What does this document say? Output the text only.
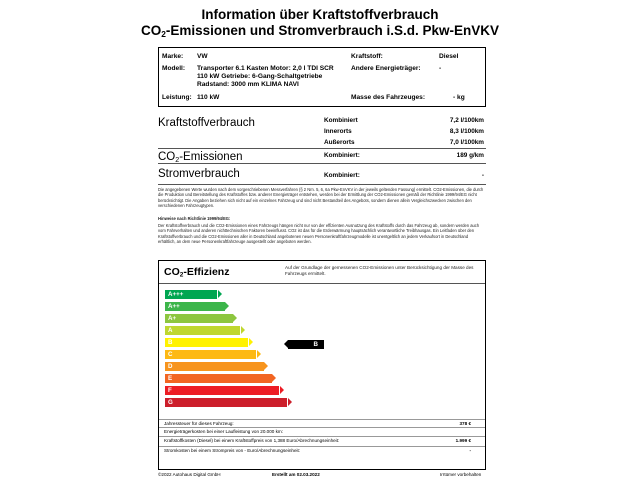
Information über Kraftstoffverbrauch
$CO_2$-Emissionen und Stromverbrauch i.S.d. Pkw-EnVKV
Marke: VW	Kraftstoff:	Diesel
Modell: Transporter 6.1 Kasten Motor: 2,0 l TDI SCR	Andere Energieträger:	-
110 kW Getriebe: 6-Gang-Schaltgetriebe
Radstand: 3000 mm KLIMA NAVI
Leistung: 110 kW	Masse des Fahrzeuges:	- kg
Kraftstoffverbrauch	Kombiniert	7,2 l/100km
Innerorts	8,3 l/100km
Außerorts	7,0 l/100km
$CO_2$-Emissionen	Kombiniert:	189 g/km
Stromverbrauch	Kombiniert:	-
Die angegebenen Werte wurden nach dem vorgeschriebenen Messverfahren (§ 2 Nrn. 5, 6, 6a Pkw-EnVKV in der jeweils geltenden Fassung) ermittelt. CO2-Emissionen, die durch die Produktion und Bereitstellung des Kraftstoffes bzw. anderer Energieträger entstehen, werden bei der Ermittlung der CO2-Emissionen gemäß der Richtlinie 1999/94/EG nicht berücksichtigt. Die Angaben beziehen sich nicht auf ein einzelnes Fahrzeug und sind nicht Bestandteil des Angebots, sondern dienen allein Vergleichszwecken zwischen den verschiedenen Fahrzeugtypen.
Hinweise nach Richtlinie 1999/94/EG:
Der Kraftstoffverbrauch und die CO2-Emissionen eines Fahrzeugs hängen nicht nur von der effizienten Ausnutzung des Kraftstoffs durch das Fahrzeug ab, sondern werden auch vom Fahrverhalten und anderen nichttechnischen Faktoren beeinflusst. CO2 ist das für die Erderwärmung hauptsächlich verantwortliche Treibhausgas. Ein Leitfaden über den Kraftstoffverbrauch und die CO2-Emissionen aller in Deutschland angebotenen neuen Personenkraftfahrzeugmodelle ist unentgeltlich an jedem Verkaufsort in Deutschland erhältlich, an dem neue Personenkraftfahrzeuge ausgestellt oder angeboten werden.
$CO_2$-Effizienz	Auf der Grundlage der gemessenen CO2-Emissionen unter Berücksichtigung der Masse des Fahrzeugs ermittelt.
A+++
A++
A+
A
B
C
D
E
F
G
Jahressteuer für dieses Fahrzeug:	378 €
Energieträgerkosten bei einer Laufleistung von 20.000 km:
Kraftstoffkosten (Diesel) bei einem Kraftstoffpreis von 1,388 Euro/Abrechnungseinheit:	1.999 €
Stromkosten bei einem Strompreis von - Euro/Abrechnungseinheit:	-
B
©2022 Autohaus Digital GmbH	Erstellt am 02.03.2022	Irrtümer vorbehalten
